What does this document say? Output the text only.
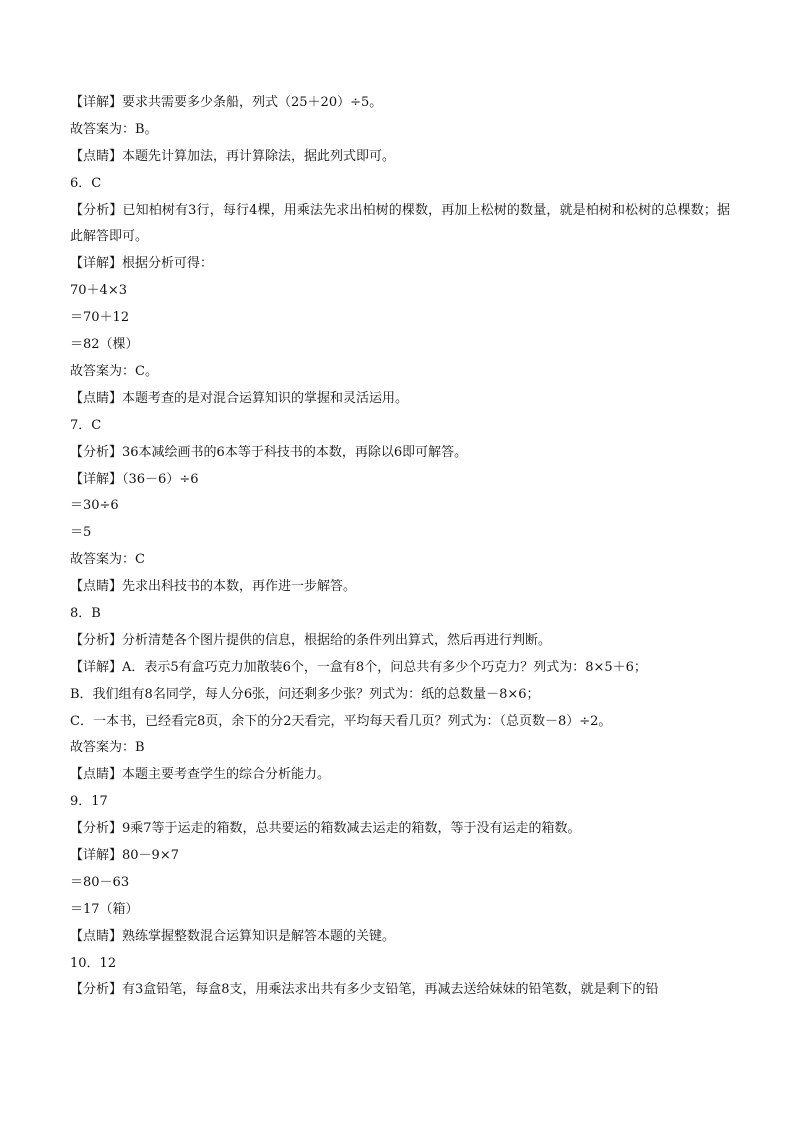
【详解】要求共需要多少条船，列式（25＋20）÷5。
故答案为：B。
【点睛】本题先计算加法，再计算除法，据此列式即可。
6．C
【分析】已知柏树有3行，每行4棵，用乘法先求出柏树的棵数，再加上松树的数量，就是柏树和松树的总棵数；据此解答即可。
【详解】根据分析可得：
70＋4×3
＝70＋12
＝82（棵）
故答案为：C。
【点睛】本题考查的是对混合运算知识的掌握和灵活运用。
7．C
【分析】36本减绘画书的6本等于科技书的本数，再除以6即可解答。
【详解】（36－6）÷6
＝30÷6
＝5
故答案为：C
【点睛】先求出科技书的本数，再作进一步解答。
8．B
【分析】分析清楚各个图片提供的信息，根据给的条件列出算式，然后再进行判断。
【详解】A．表示5有盒巧克力加散装6个，一盒有8个，问总共有多少个巧克力？列式为：8×5＋6；
B．我们组有8名同学，每人分6张，问还剩多少张？列式为：纸的总数量－8×6；
C．一本书，已经看完8页，余下的分2天看完，平均每天看几页？列式为：（总页数－8）÷2。
故答案为：B
【点睛】本题主要考查学生的综合分析能力。
9．17
【分析】9乘7等于运走的箱数，总共要运的箱数减去运走的箱数，等于没有运走的箱数。
【详解】80－9×7
＝80－63
＝17（箱）
【点睛】熟练掌握整数混合运算知识是解答本题的关键。
10．12
【分析】有3盒铅笔，每盒8支，用乘法求出共有多少支铅笔，再减去送给妹妹的铅笔数，就是剩下的铅
